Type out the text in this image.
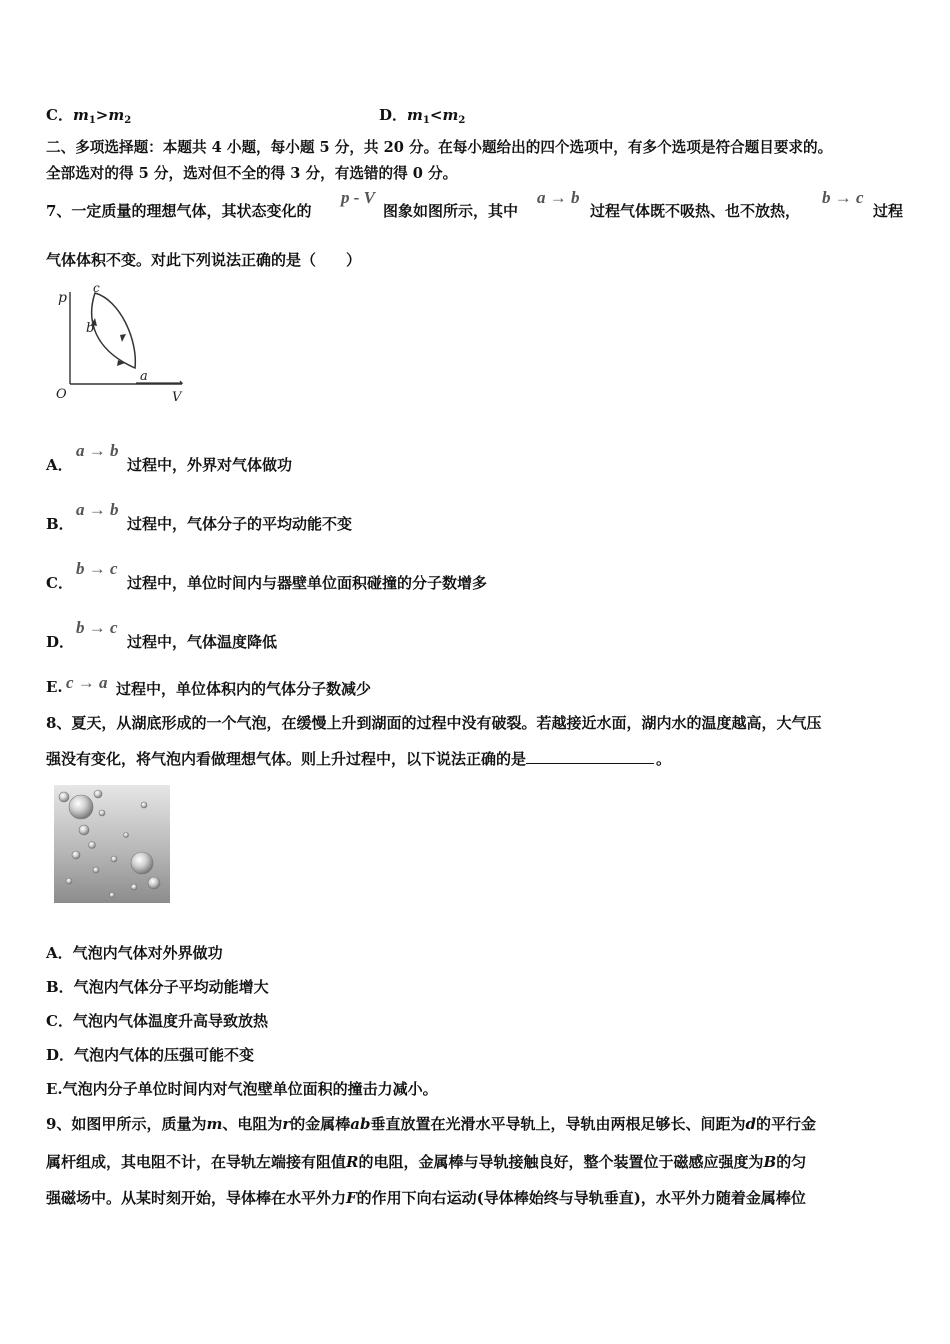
C．$m_1>m_2$	D．$m_1<m_2$
二、多项选择题：本题共 4 小题，每小题 5 分，共 20 分。在每小题给出的四个选项中，有多个选项是符合题目要求的。
全部选对的得 5 分，选对但不全的得 3 分，有选错的得 0 分。
7、一定质量的理想气体，其状态变化的
p - V
图象如图所示，其中
a → b
过程气体既不吸热、也不放热，
b → c
过程
气体体积不变。对此下列说法正确的是（　　）
p
c
b
a
O	V
A．
a → b
过程中，外界对气体做功
B．
a → b
过程中，气体分子的平均动能不变
C．
b → c
过程中，单位时间内与器壁单位面积碰撞的分子数增多
D．
b → c
过程中，气体温度降低
E. c → a 过程中，单位体积内的气体分子数减少
8、夏天，从湖底形成的一个气泡，在缓慢上升到湖面的过程中没有破裂。若越接近水面，湖内水的温度越高，大气压
强没有变化，将气泡内看做理想气体。则上升过程中，以下说法正确的是	。
A．气泡内气体对外界做功
B．气泡内气体分子平均动能增大
C．气泡内气体温度升高导致放热
D．气泡内气体的压强可能不变
E.气泡内分子单位时间内对气泡壁单位面积的撞击力减小。
9、如图甲所示，质量为m、电阻为r的金属棒ab垂直放置在光滑水平导轨上，导轨由两根足够长、间距为d的平行金
属杆组成，其电阻不计，在导轨左端接有阻值R的电阻，金属棒与导轨接触良好，整个装置位于磁感应强度为B的匀
强磁场中。从某时刻开始，导体棒在水平外力F的作用下向右运动(导体棒始终与导轨垂直)，水平外力随着金属棒位
